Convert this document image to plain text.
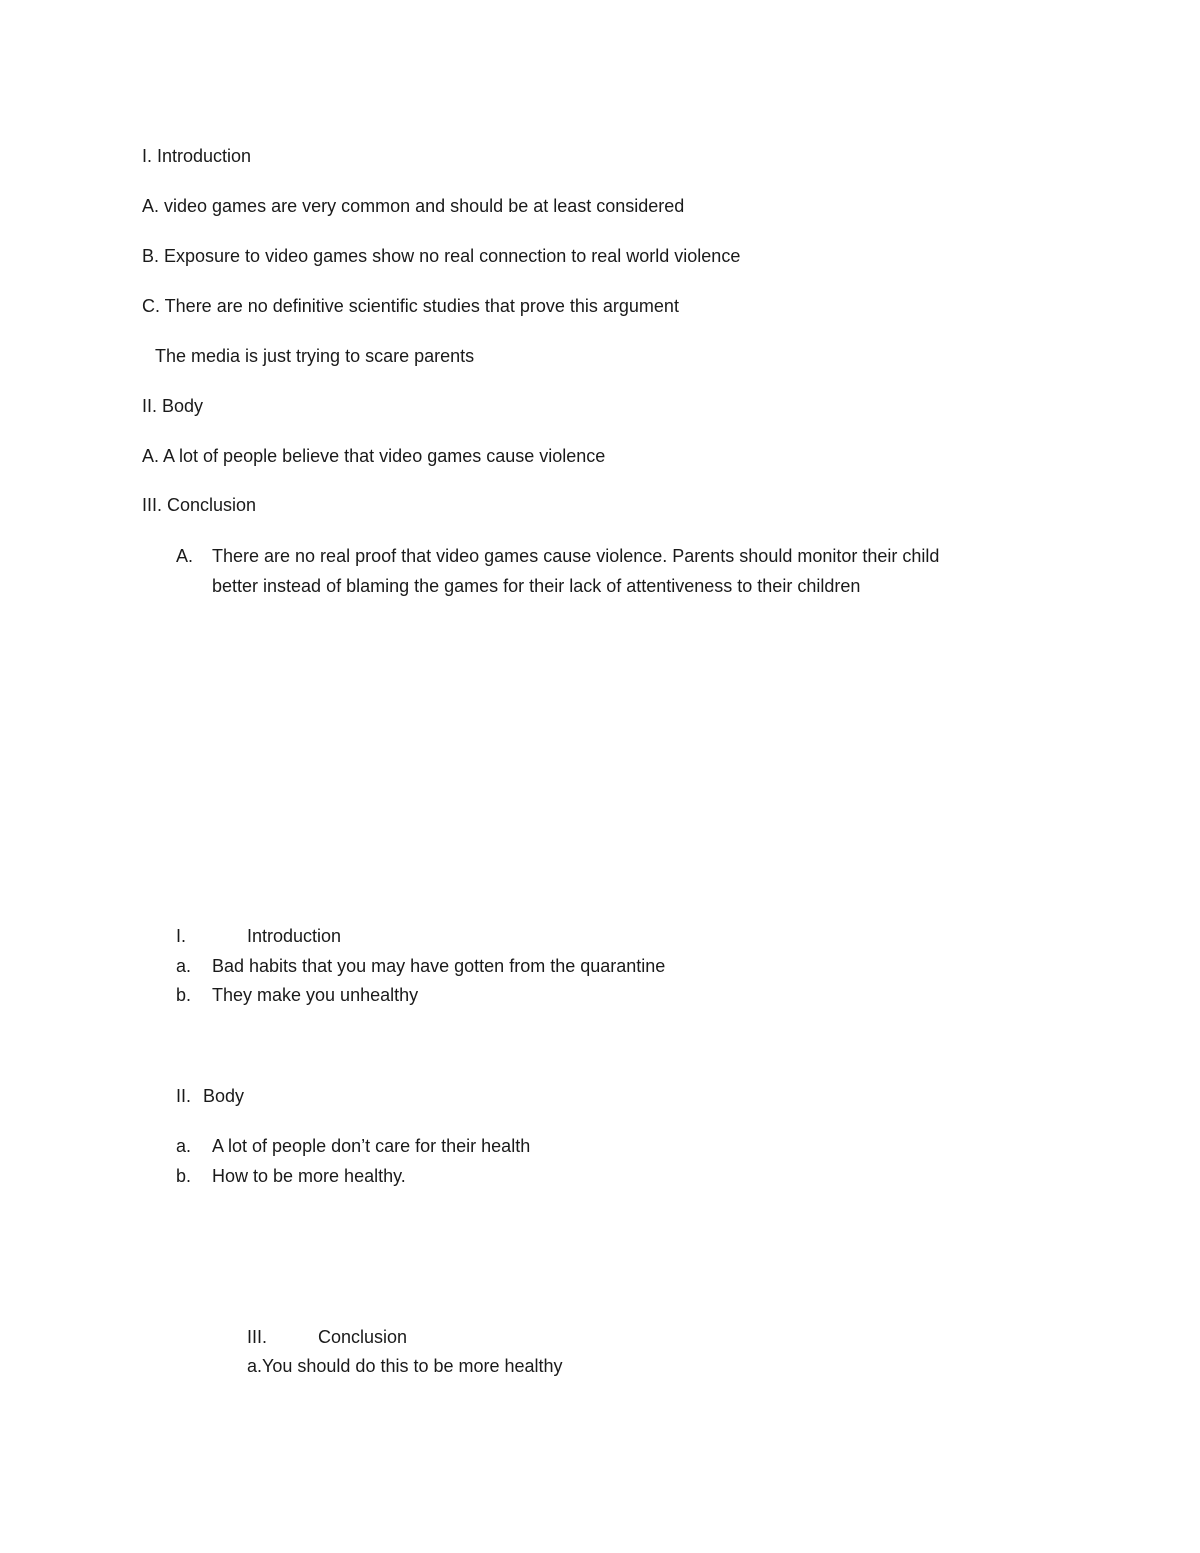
I. Introduction
A. video games are very common and should be at least considered
B. Exposure to video games show no real connection to real world violence
C. There are no definitive scientific studies that prove this argument
The media is just trying to scare parents
II. Body
A. A lot of people believe that video games cause violence
III. Conclusion
A. There are no real proof that video games cause violence. Parents should monitor their child
better instead of blaming the games for their lack of attentiveness to their children
I.	Introduction
a. Bad habits that you may have gotten from the quarantine
b. They make you unhealthy
II. Body
a. A lot of people don’t care for their health
b. How to be more healthy.
III.	Conclusion
a.You should do this to be more healthy
